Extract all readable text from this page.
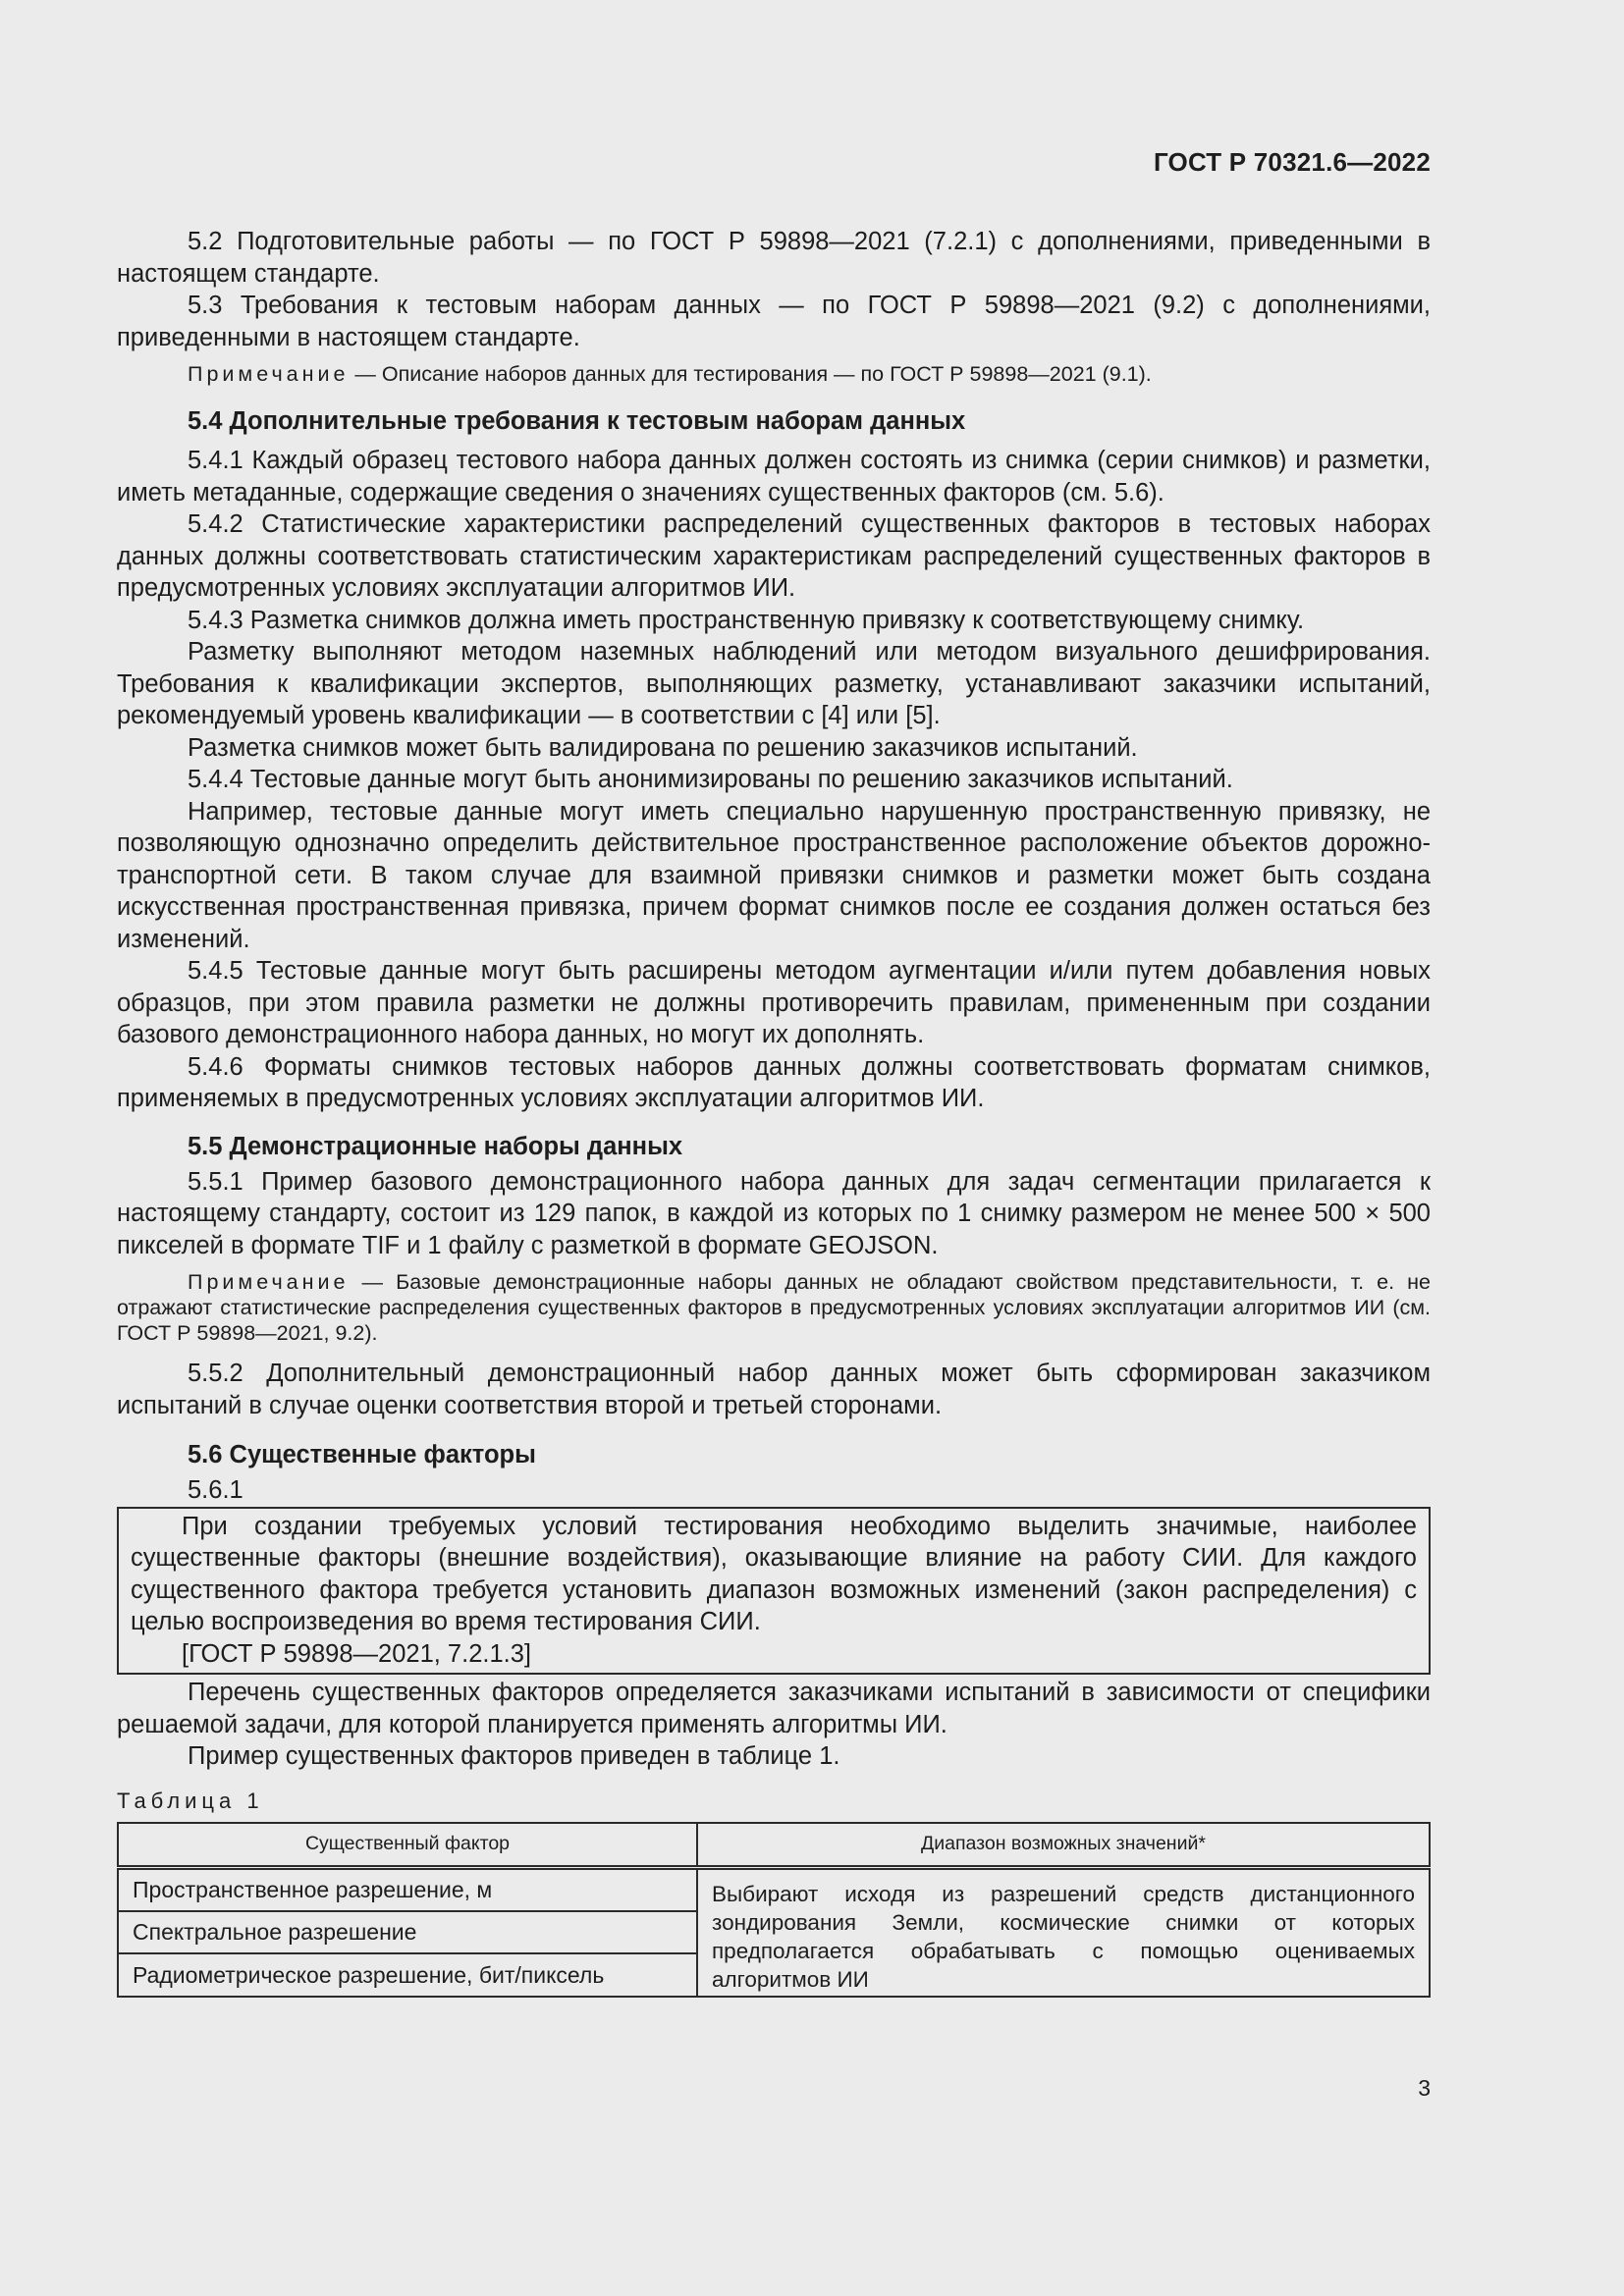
ГОСТ Р 70321.6—2022

5.2 Подготовительные работы — по ГОСТ Р 59898—2021 (7.2.1) с дополнениями, приведенными в настоящем стандарте.

5.3 Требования к тестовым наборам данных — по ГОСТ Р 59898—2021 (9.2) с дополнениями, приведенными в настоящем стандарте.

Примечание — Описание наборов данных для тестирования — по ГОСТ Р 59898—2021 (9.1).

5.4 Дополнительные требования к тестовым наборам данных

5.4.1 Каждый образец тестового набора данных должен состоять из снимка (серии снимков) и разметки, иметь метаданные, содержащие сведения о значениях существенных факторов (см. 5.6).

5.4.2 Статистические характеристики распределений существенных факторов в тестовых наборах данных должны соответствовать статистическим характеристикам распределений существенных факторов в предусмотренных условиях эксплуатации алгоритмов ИИ.

5.4.3 Разметка снимков должна иметь пространственную привязку к соответствующему снимку.

Разметку выполняют методом наземных наблюдений или методом визуального дешифрирования. Требования к квалификации экспертов, выполняющих разметку, устанавливают заказчики испытаний, рекомендуемый уровень квалификации — в соответствии с [4] или [5].

Разметка снимков может быть валидирована по решению заказчиков испытаний.

5.4.4 Тестовые данные могут быть анонимизированы по решению заказчиков испытаний.

Например, тестовые данные могут иметь специально нарушенную пространственную привязку, не позволяющую однозначно определить действительное пространственное расположение объектов дорожно-транспортной сети. В таком случае для взаимной привязки снимков и разметки может быть создана искусственная пространственная привязка, причем формат снимков после ее создания должен остаться без изменений.

5.4.5 Тестовые данные могут быть расширены методом аугментации и/или путем добавления новых образцов, при этом правила разметки не должны противоречить правилам, примененным при создании базового демонстрационного набора данных, но могут их дополнять.

5.4.6 Форматы снимков тестовых наборов данных должны соответствовать форматам снимков, применяемых в предусмотренных условиях эксплуатации алгоритмов ИИ.

5.5 Демонстрационные наборы данных

5.5.1 Пример базового демонстрационного набора данных для задач сегментации прилагается к настоящему стандарту, состоит из 129 папок, в каждой из которых по 1 снимку размером не менее 500 × 500 пикселей в формате TIF и 1 файлу с разметкой в формате GEOJSON.

Примечание — Базовые демонстрационные наборы данных не обладают свойством представительности, т. е. не отражают статистические распределения существенных факторов в предусмотренных условиях эксплуатации алгоритмов ИИ (см. ГОСТ Р 59898—2021, 9.2).

5.5.2 Дополнительный демонстрационный набор данных может быть сформирован заказчиком испытаний в случае оценки соответствия второй и третьей сторонами.

5.6 Существенные факторы

5.6.1

При создании требуемых условий тестирования необходимо выделить значимые, наиболее существенные факторы (внешние воздействия), оказывающие влияние на работу СИИ. Для каждого существенного фактора требуется установить диапазон возможных изменений (закон распределения) с целью воспроизведения во время тестирования СИИ.

[ГОСТ Р 59898—2021, 7.2.1.3]

Перечень существенных факторов определяется заказчиками испытаний в зависимости от специфики решаемой задачи, для которой планируется применять алгоритмы ИИ.

Пример существенных факторов приведен в таблице 1.

Таблица 1
Существенный фактор	Диапазон возможных значений*
Пространственное разрешение, м	Выбирают исходя из разрешений средств дистанционного зондирования Земли, космические снимки от которых предполагается обрабатывать с помощью оцениваемых алгоритмов ИИ
Спектральное разрешение	
Радиометрическое разрешение, бит/пиксель	
3
